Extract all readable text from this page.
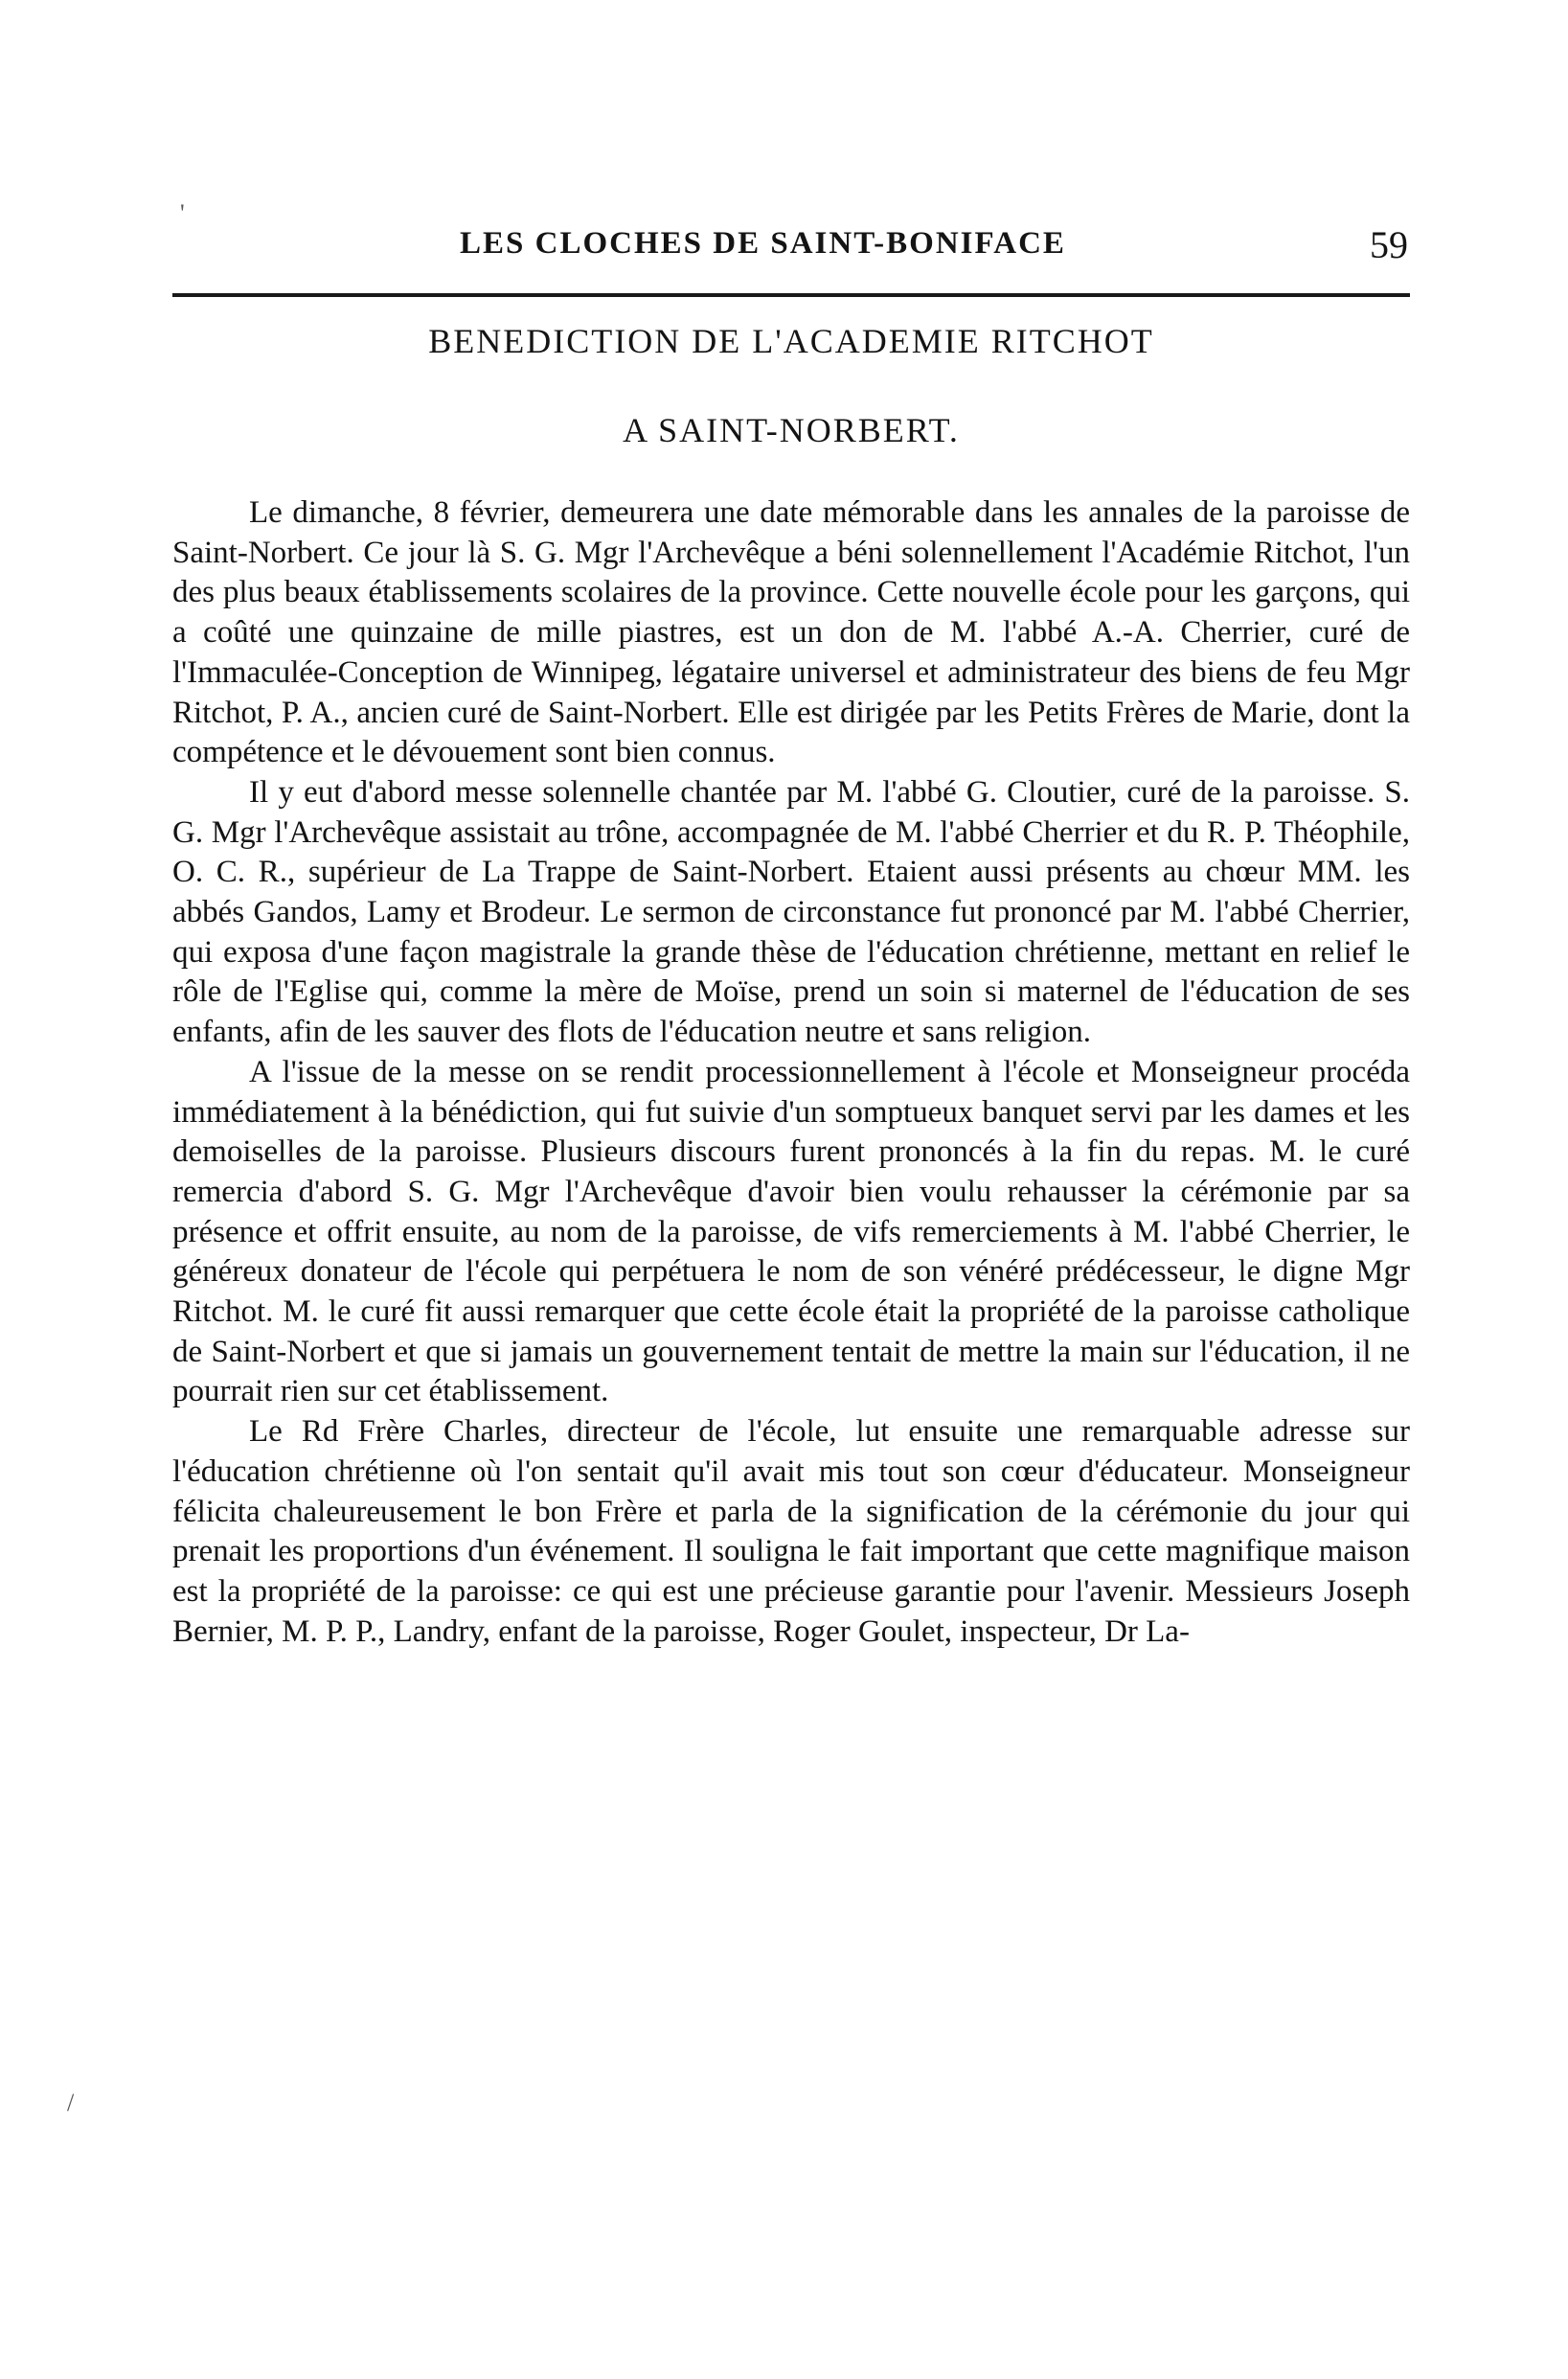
'
LES CLOCHES DE SAINT-BONIFACE	59
BENEDICTION DE L'ACADEMIE RITCHOT
A SAINT-NORBERT.

Le dimanche, 8 février, demeurera une date mémorable dans les annales de la paroisse de Saint-Norbert. Ce jour là S. G. Mgr l'Archevêque a béni solennellement l'Académie Ritchot, l'un des plus beaux établissements scolaires de la province. Cette nouvelle école pour les garçons, qui a coûté une quinzaine de mille piastres, est un don de M. l'abbé A.-A. Cherrier, curé de l'Immaculée-Conception de Winnipeg, légataire universel et administrateur des biens de feu Mgr Ritchot, P. A., ancien curé de Saint-Norbert. Elle est dirigée par les Petits Frères de Marie, dont la compétence et le dévouement sont bien connus.

Il y eut d'abord messe solennelle chantée par M. l'abbé G. Cloutier, curé de la paroisse. S. G. Mgr l'Archevêque assistait au trône, accompagnée de M. l'abbé Cherrier et du R. P. Théophile, O. C. R., supérieur de La Trappe de Saint-Norbert. Etaient aussi présents au chœur MM. les abbés Gandos, Lamy et Brodeur. Le sermon de circonstance fut prononcé par M. l'abbé Cherrier, qui exposa d'une façon magistrale la grande thèse de l'éducation chrétienne, mettant en relief le rôle de l'Eglise qui, comme la mère de Moïse, prend un soin si maternel de l'éducation de ses enfants, afin de les sauver des flots de l'éducation neutre et sans religion.

A l'issue de la messe on se rendit processionnellement à l'école et Monseigneur procéda immédiatement à la bénédiction, qui fut suivie d'un somptueux banquet servi par les dames et les demoiselles de la paroisse. Plusieurs discours furent prononcés à la fin du repas. M. le curé remercia d'abord S. G. Mgr l'Archevêque d'avoir bien voulu rehausser la cérémonie par sa présence et offrit ensuite, au nom de la paroisse, de vifs remerciements à M. l'abbé Cherrier, le généreux donateur de l'école qui perpétuera le nom de son vénéré prédécesseur, le digne Mgr Ritchot. M. le curé fit aussi remarquer que cette école était la propriété de la paroisse catholique de Saint-Norbert et que si jamais un gouvernement tentait de mettre la main sur l'éducation, il ne pourrait rien sur cet établissement.

Le Rd Frère Charles, directeur de l'école, lut ensuite une remarquable adresse sur l'éducation chrétienne où l'on sentait qu'il avait mis tout son cœur d'éducateur. Monseigneur félicita chaleureusement le bon Frère et parla de la signification de la cérémonie du jour qui prenait les proportions d'un événement. Il souligna le fait important que cette magnifique maison est la propriété de la paroisse: ce qui est une précieuse garantie pour l'avenir. Messieurs Joseph Bernier, M. P. P., Landry, enfant de la paroisse, Roger Goulet, inspecteur, Dr La-

/
